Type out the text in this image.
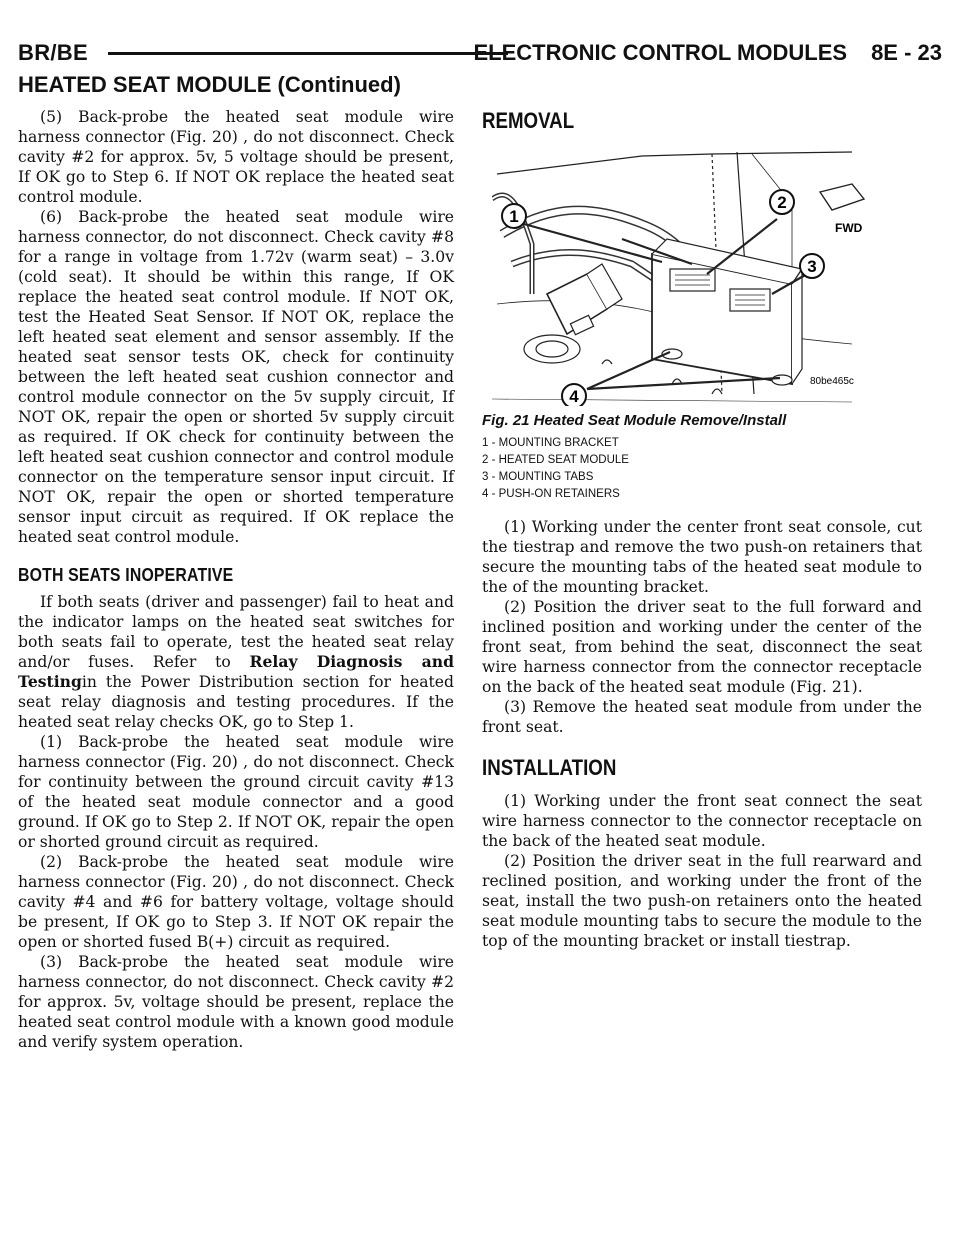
BR/BE	ELECTRONIC CONTROL MODULES 8E - 23
HEATED SEAT MODULE (Continued)

(5) Back-probe the heated seat module wire harness connector (Fig. 20) , do not disconnect. Check cavity #2 for approx. 5v, 5 voltage should be present, If OK go to Step 6. If NOT OK replace the heated seat control module.

(6) Back-probe the heated seat module wire harness connector, do not disconnect. Check cavity #8 for a range in voltage from 1.72v (warm seat) – 3.0v (cold seat). It should be within this range, If OK replace the heated seat control module. If NOT OK, test the Heated Seat Sensor. If NOT OK, replace the left heated seat element and sensor assembly. If the heated seat sensor tests OK, check for continuity between the left heated seat cushion connector and control module connector on the 5v supply circuit, If NOT OK, repair the open or shorted 5v supply circuit as required. If OK check for continuity between the left heated seat cushion connector and control module connector on the temperature sensor input circuit. If NOT OK, repair the open or shorted temperature sensor input circuit as required. If OK replace the heated seat control module.

BOTH SEATS INOPERATIVE

If both seats (driver and passenger) fail to heat and the indicator lamps on the heated seat switches for both seats fail to operate, test the heated seat relay and/or fuses. Refer to Relay Diagnosis and Testingin the Power Distribution section for heated seat relay diagnosis and testing procedures. If the heated seat relay checks OK, go to Step 1.

(1) Back-probe the heated seat module wire harness connector (Fig. 20) , do not disconnect. Check for continuity between the ground circuit cavity #13 of the heated seat module connector and a good ground. If OK go to Step 2. If NOT OK, repair the open or shorted ground circuit as required.

(2) Back-probe the heated seat module wire harness connector (Fig. 20) , do not disconnect. Check cavity #4 and #6 for battery voltage, voltage should be present, If OK go to Step 3. If NOT OK repair the open or shorted fused B(+) circuit as required.

(3) Back-probe the heated seat module wire harness connector, do not disconnect. Check cavity #2 for approx. 5v, voltage should be present, replace the heated seat control module with a known good module and verify system operation.

REMOVAL
1
2
3
4
FWD
80be465c
Fig. 21 Heated Seat Module Remove/Install
1 - MOUNTING BRACKET
2 - HEATED SEAT MODULE
3 - MOUNTING TABS
4 - PUSH-ON RETAINERS

(1) Working under the center front seat console, cut the tiestrap and remove the two push-on retainers that secure the mounting tabs of the heated seat module to the of the mounting bracket.

(2) Position the driver seat to the full forward and inclined position and working under the center of the front seat, from behind the seat, disconnect the seat wire harness connector from the connector receptacle on the back of the heated seat module (Fig. 21).

(3) Remove the heated seat module from under the front seat.

INSTALLATION

(1) Working under the front seat connect the seat wire harness connector to the connector receptacle on the back of the heated seat module.

(2) Position the driver seat in the full rearward and reclined position, and working under the front of the seat, install the two push-on retainers onto the heated seat module mounting tabs to secure the module to the top of the mounting bracket or install tiestrap.
